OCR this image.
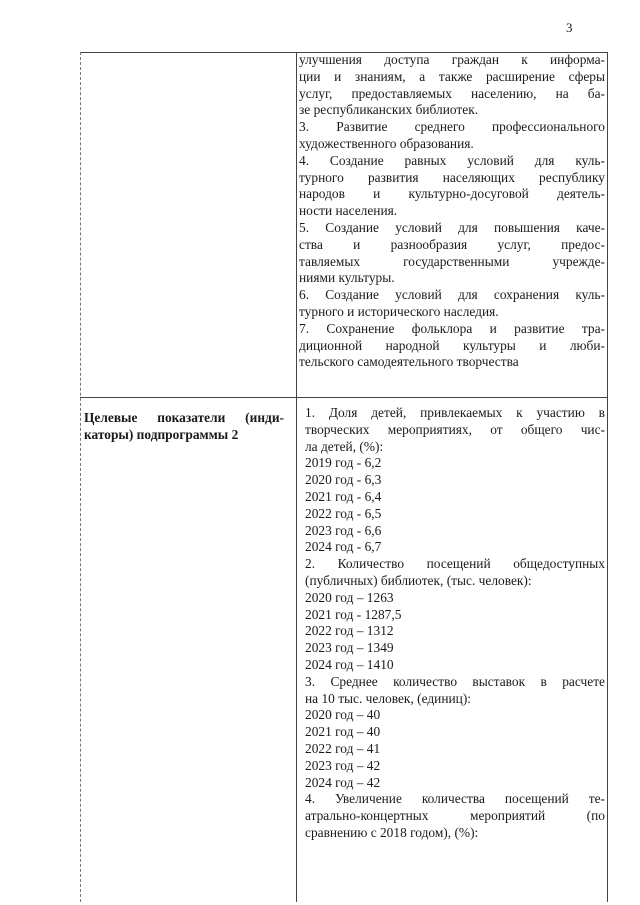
3
улучшения доступа граждан к информа-
ции и знаниям, а также расширение сферы
услуг, предоставляемых населению, на ба-
зе республиканских библиотек.
3. Развитие среднего профессионального
художественного образования.
4. Создание равных условий для куль-
турного развития населяющих республику
народов и культурно-досуговой деятель-
ности населения.
5. Создание условий для повышения каче-
ства и разнообразия услуг, предос-
тавляемых государственными учрежде-
ниями культуры.
6. Создание условий для сохранения куль-
турного и исторического наследия.
7. Сохранение фольклора и развитие тра-
диционной народной культуры и люби-
тельского самодеятельного творчества
Целевые показатели (инди-
каторы) подпрограммы 2
1. Доля детей, привлекаемых к участию в
творческих мероприятиях, от общего чис-
ла детей, (%):
2019 год - 6,2
2020 год - 6,3
2021 год - 6,4
2022 год - 6,5
2023 год - 6,6
2024 год - 6,7
2. Количество посещений общедоступных
(публичных) библиотек, (тыс. человек):
2020 год – 1263
2021 год - 1287,5
2022 год – 1312
2023 год – 1349
2024 год – 1410
3. Среднее количество выставок в расчете
на 10 тыс. человек, (единиц):
2020 год – 40
2021 год – 40
2022 год – 41
2023 год – 42
2024 год – 42
4. Увеличение количества посещений те-
атрально-концертных мероприятий (по
сравнению с 2018 годом), (%):
